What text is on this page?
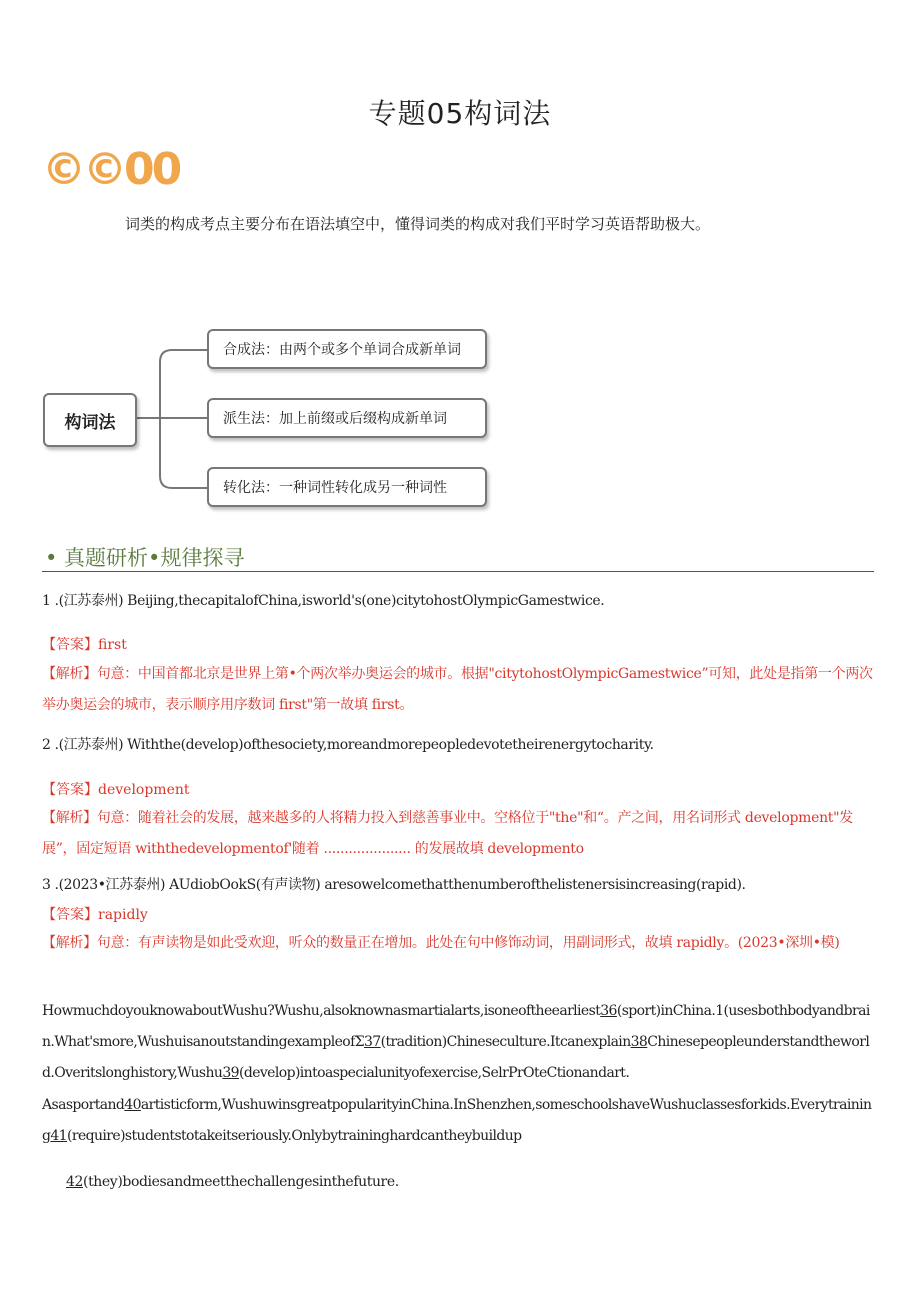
专题05构词法
©©00
词类的构成考点主要分布在语法填空中，懂得词类的构成对我们平时学习英语帮助极大。
构词法
合成法：由两个或多个单词合成新单词
派生法：加上前缀或后缀构成新单词
转化法：一种词性转化成另一种词性
• 真题研析•规律探寻
1 .(江苏泰州) Beijing,thecapitalofChina,isworld's(one)citytohostOlympicGamestwice.
【答案】first
【解析】句意：中国首都北京是世界上第•个两次举办奥运会的城市。根据"citytohostOlympicGamestwice”可知，此处是指第一个两次举办奥运会的城市，表示顺序用序数词 first"第一故填 first。
2 .(江苏泰州) Withthe(develop)ofthesociety,moreandmorepeopledevotetheirenergytocharity.
【答案】development
【解析】句意：随着社会的发展，越来越多的人将精力投入到慈善事业中。空格位于"the"和“。产之间，用名词形式 development"发展”，固定短语 withthedevelopmentof'随着 ..................... 的发展故填 developmento
3 .(2023•江苏泰州) AUdiobOokS(有声读物) aresowelcomethatthenumberofthelistenersisincreasing(rapid).
【答案】rapidly
【解析】句意：有声读物是如此受欢迎，听众的数量正在增加。此处在句中修饰动词，用副词形式，故填 rapidly。(2023•深圳•模)
HowmuchdoyouknowaboutWushu?Wushu,alsoknownasmartialarts,isoneoftheearliest36(sport)inChina.1(usesbothbodyandbrain.What'smore,WushuisanoutstandingexampleofΣ37(tradition)Chineseculture.Itcanexplain38Chinesepeopleunderstandtheworld.Overitslonghistory,Wushu39(develop)intoaspecialunityofexercise,SelrPrOteCtionandart.
Asasportand40artisticform,WushuwinsgreatpopularityinChina.InShenzhen,someschoolshaveWushuclassesforkids.Everytraining41(require)studentstotakeitseriously.Onlybytraininghardcantheybuildup
42(they)bodiesandmeetthechallengesinthefuture.
